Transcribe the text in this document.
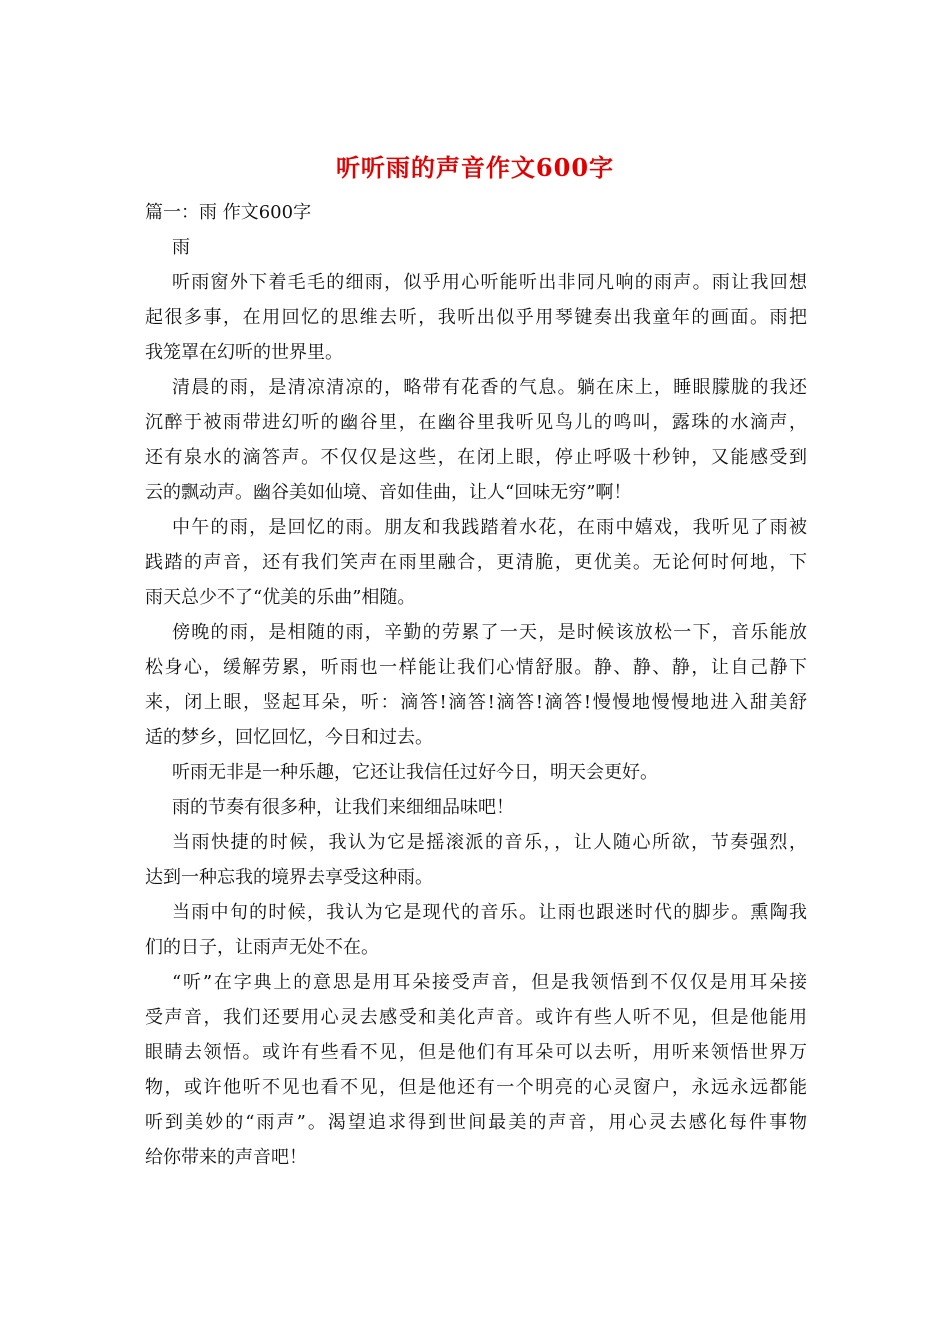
听听雨的声音作文600字
篇一：雨 作文600字
雨
听雨窗外下着毛毛的细雨，似乎用心听能听出非同凡响的雨声。雨让我回想
起很多事，在用回忆的思维去听，我听出似乎用琴键奏出我童年的画面。雨把
我笼罩在幻听的世界里。
清晨的雨，是清凉清凉的，略带有花香的气息。躺在床上，睡眼朦胧的我还
沉醉于被雨带进幻听的幽谷里，在幽谷里我听见鸟儿的鸣叫，露珠的水滴声，
还有泉水的滴答声。不仅仅是这些，在闭上眼，停止呼吸十秒钟，又能感受到
云的飘动声。幽谷美如仙境、音如佳曲，让人“回味无穷”啊！
中午的雨，是回忆的雨。朋友和我践踏着水花，在雨中嬉戏，我听见了雨被
践踏的声音，还有我们笑声在雨里融合，更清脆，更优美。无论何时何地，下
雨天总少不了“优美的乐曲”相随。
傍晚的雨，是相随的雨，辛勤的劳累了一天，是时候该放松一下，音乐能放
松身心，缓解劳累，听雨也一样能让我们心情舒服。静、静、静，让自己静下
来，闭上眼，竖起耳朵，听：滴答!滴答!滴答!滴答!慢慢地慢慢地进入甜美舒
适的梦乡，回忆回忆，今日和过去。
听雨无非是一种乐趣，它还让我信任过好今日，明天会更好。
雨的节奏有很多种，让我们来细细品味吧！
当雨快捷的时候，我认为它是摇滚派的音乐，，让人随心所欲，节奏强烈，
达到一种忘我的境界去享受这种雨。
当雨中旬的时候，我认为它是现代的音乐。让雨也跟迷时代的脚步。熏陶我
们的日子，让雨声无处不在。
“听”在字典上的意思是用耳朵接受声音，但是我领悟到不仅仅是用耳朵接
受声音，我们还要用心灵去感受和美化声音。或许有些人听不见，但是他能用
眼睛去领悟。或许有些看不见，但是他们有耳朵可以去听，用听来领悟世界万
物，或许他听不见也看不见，但是他还有一个明亮的心灵窗户，永远永远都能
听到美妙的“雨声”。渴望追求得到世间最美的声音，用心灵去感化每件事物
给你带来的声音吧！
